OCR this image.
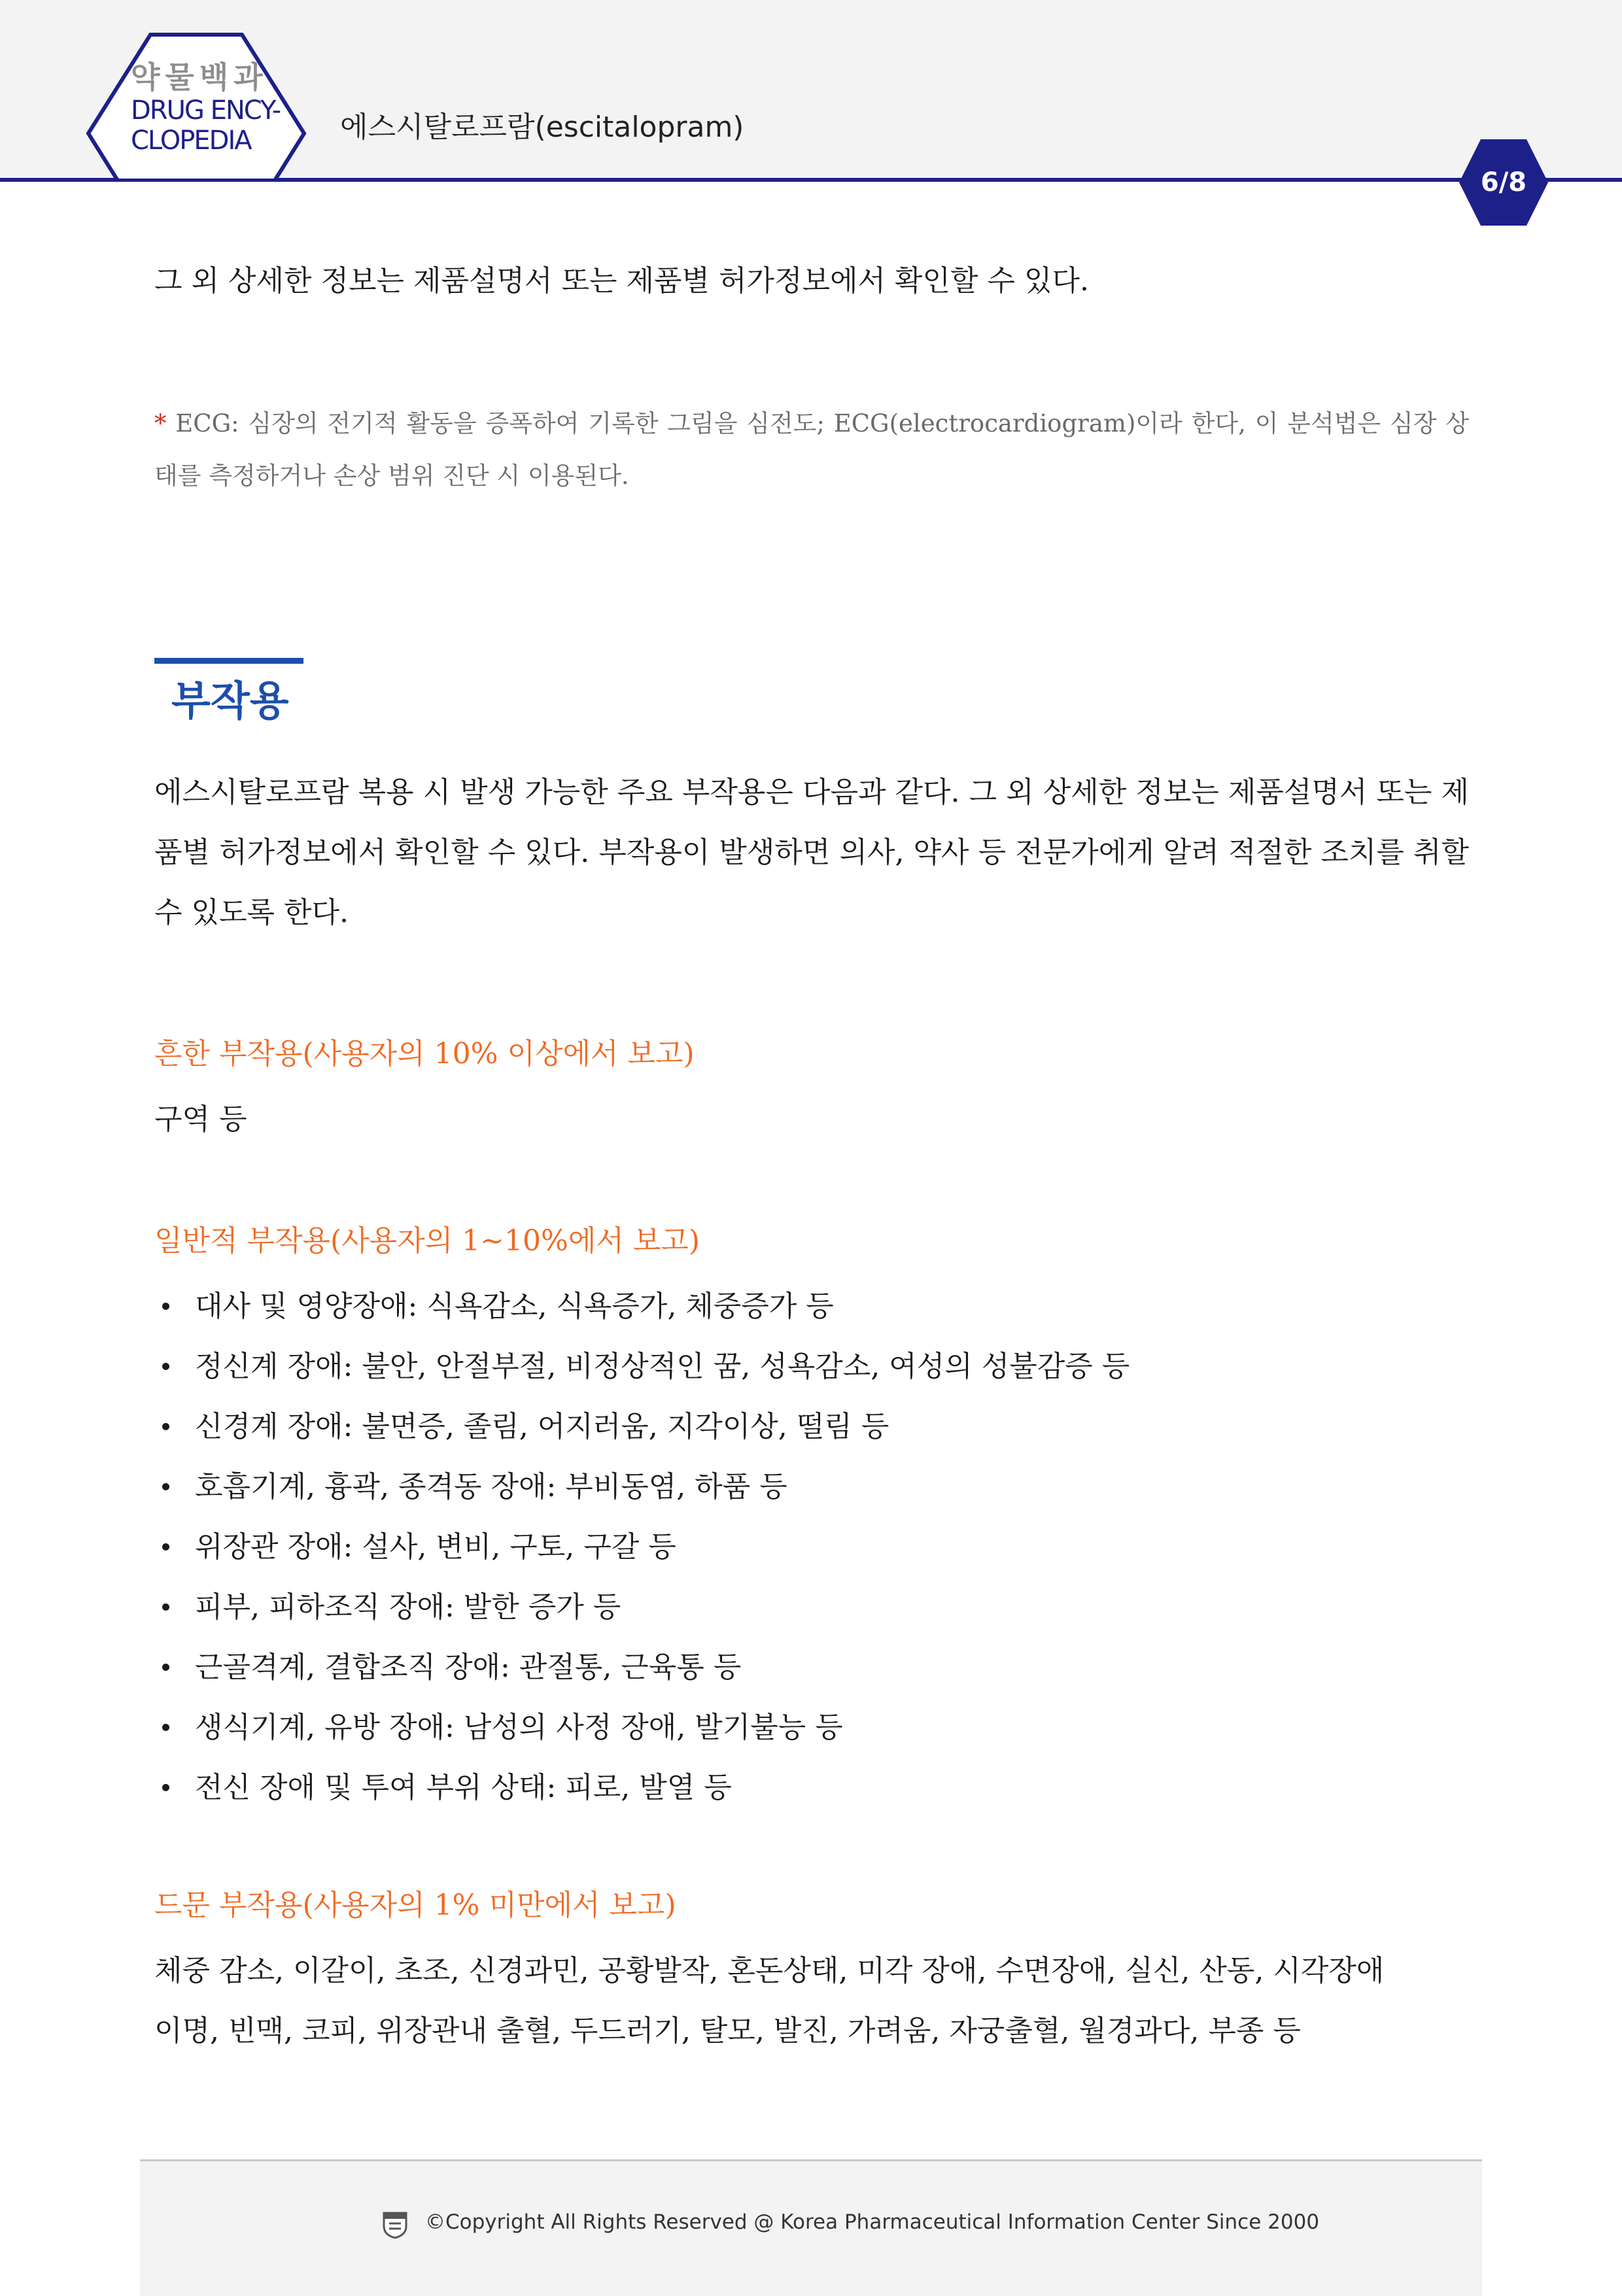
약물백과
DRUG ENCY-
CLOPEDIA	에스시탈로프람(escitalopram)
6/8
그 외 상세한 정보는 제품설명서 또는 제품별 허가정보에서 확인할 수 있다.
* ECG: 심장의 전기적 활동을 증폭하여 기록한 그림을 심전도; ECG(electrocardiogram)이라 한다, 이 분석법은 심장 상태를 측정하거나 손상 범위 진단 시 이용된다.
부작용
에스시탈로프람 복용 시 발생 가능한 주요 부작용은 다음과 같다. 그 외 상세한 정보는 제품설명서 또는 제품별 허가정보에서 확인할 수 있다. 부작용이 발생하면 의사, 약사 등 전문가에게 알려 적절한 조치를 취할 수 있도록 한다.
흔한 부작용(사용자의 10% 이상에서 보고)
구역 등
일반적 부작용(사용자의 1~10%에서 보고)
대사 및 영양장애: 식욕감소, 식욕증가, 체중증가 등
정신계 장애: 불안, 안절부절, 비정상적인 꿈, 성욕감소, 여성의 성불감증 등
신경계 장애: 불면증, 졸림, 어지러움, 지각이상, 떨림 등
호흡기계, 흉곽, 종격동 장애: 부비동염, 하품 등
위장관 장애: 설사, 변비, 구토, 구갈 등
피부, 피하조직 장애: 발한 증가 등
근골격계, 결합조직 장애: 관절통, 근육통 등
생식기계, 유방 장애: 남성의 사정 장애, 발기불능 등
전신 장애 및 투여 부위 상태: 피로, 발열 등
드문 부작용(사용자의 1% 미만에서 보고)
체중 감소, 이갈이, 초조, 신경과민, 공황발작, 혼돈상태, 미각 장애, 수면장애, 실신, 산동, 시각장애
이명, 빈맥, 코피, 위장관내 출혈, 두드러기, 탈모, 발진, 가려움, 자궁출혈, 월경과다, 부종 등
©Copyright All Rights Reserved @ Korea Pharmaceutical Information Center Since 2000
